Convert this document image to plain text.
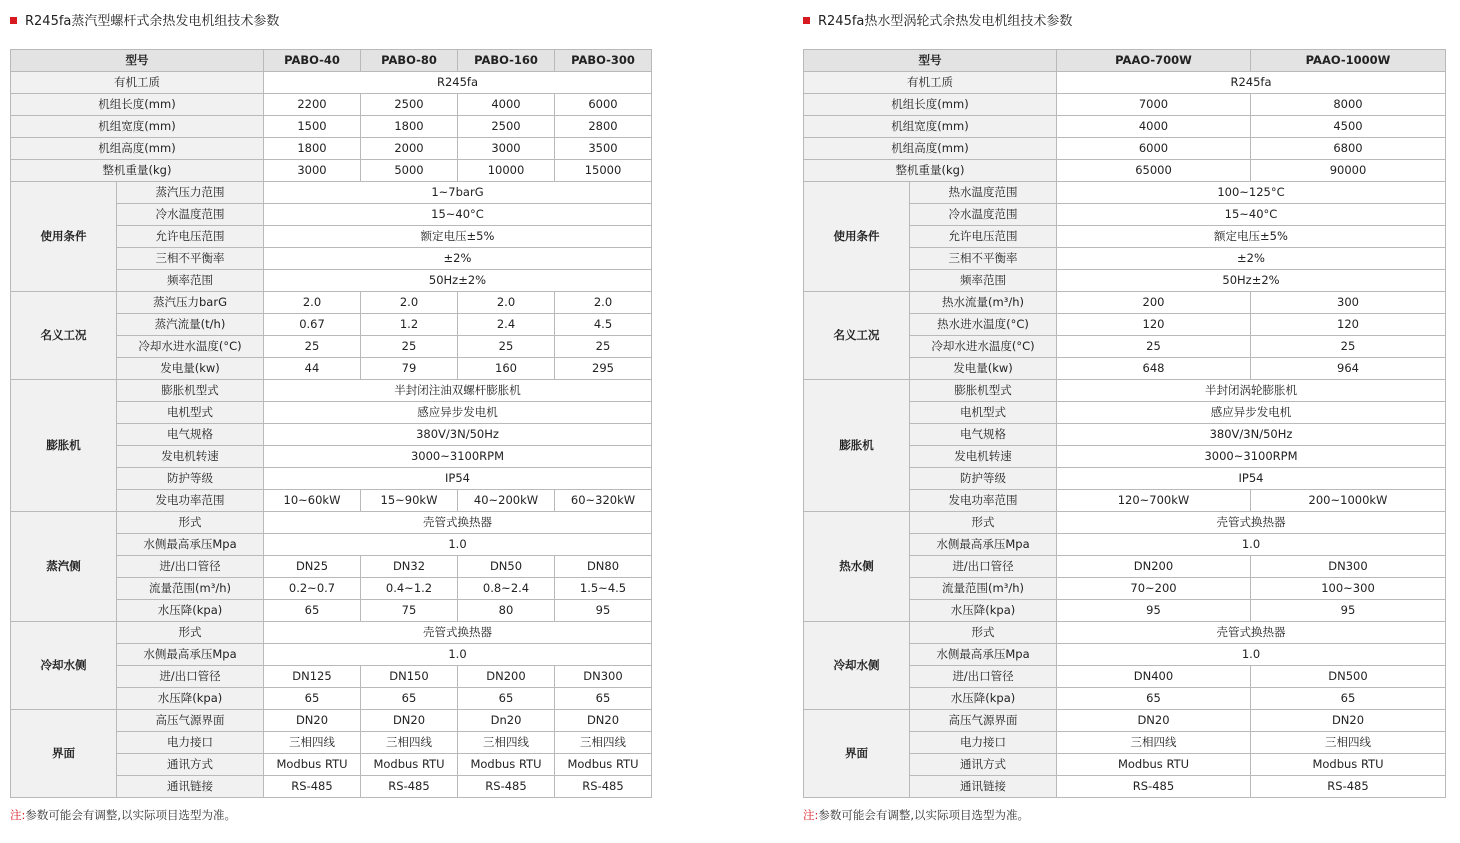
R245fa蒸汽型螺杆式余热发电机组技术参数
型号		PABO-40	PABO-80	PABO-160	PABO-300
有机工质		R245fa			
机组长度(mm)		2200	2500	4000	6000
机组宽度(mm)		1500	1800	2500	2800
机组高度(mm)		1800	2000	3000	3500
整机重量(kg)		3000	5000	10000	15000
使用条件	蒸汽压力范围	1~7barG			
	冷水温度范围	15~40°C			
	允许电压范围	额定电压±5%			
	三相不平衡率	±2%			
	频率范围	50Hz±2%			
名义工况	蒸汽压力barG	2.0	2.0	2.0	2.0
	蒸汽流量(t/h)	0.67	1.2	2.4	4.5
	冷却水进水温度(°C)	25	25	25	25
	发电量(kw)	44	79	160	295
膨胀机	膨胀机型式	半封闭注油双螺杆膨胀机			
	电机型式	感应异步发电机			
	电气规格	380V/3N/50Hz			
	发电机转速	3000~3100RPM			
	防护等级	IP54			
	发电功率范围	10~60kW	15~90kW	40~200kW	60~320kW
蒸汽侧	形式	壳管式换热器			
	水侧最高承压Mpa	1.0			
	进/出口管径	DN25	DN32	DN50	DN80
	流量范围(m³/h)	0.2~0.7	0.4~1.2	0.8~2.4	1.5~4.5
	水压降(kpa)	65	75	80	95
冷却水侧	形式	壳管式换热器			
	水侧最高承压Mpa	1.0			
	进/出口管径	DN125	DN150	DN200	DN300
	水压降(kpa)	65	65	65	65
界面	高压气源界面	DN20	DN20	Dn20	DN20
	电力接口	三相四线	三相四线	三相四线	三相四线
	通讯方式	Modbus RTU	Modbus RTU	Modbus RTU	Modbus RTU
	通讯链接	RS-485	RS-485	RS-485	RS-485
注:参数可能会有调整,以实际项目选型为准。
R245fa热水型涡轮式余热发电机组技术参数
型号		PAAO-700W	PAAO-1000W
有机工质		R245fa	
机组长度(mm)		7000	8000
机组宽度(mm)		4000	4500
机组高度(mm)		6000	6800
整机重量(kg)		65000	90000
使用条件	热水温度范围	100~125°C	
	冷水温度范围	15~40°C	
	允许电压范围	额定电压±5%	
	三相不平衡率	±2%	
	频率范围	50Hz±2%	
名义工况	热水流量(m³/h)	200	300
	热水进水温度(°C)	120	120
	冷却水进水温度(°C)	25	25
	发电量(kw)	648	964
膨胀机	膨胀机型式	半封闭涡轮膨胀机	
	电机型式	感应异步发电机	
	电气规格	380V/3N/50Hz	
	发电机转速	3000~3100RPM	
	防护等级	IP54	
	发电功率范围	120~700kW	200~1000kW
热水侧	形式	壳管式换热器	
	水侧最高承压Mpa	1.0	
	进/出口管径	DN200	DN300
	流量范围(m³/h)	70~200	100~300
	水压降(kpa)	95	95
冷却水侧	形式	壳管式换热器	
	水侧最高承压Mpa	1.0	
	进/出口管径	DN400	DN500
	水压降(kpa)	65	65
界面	高压气源界面	DN20	DN20
	电力接口	三相四线	三相四线
	通讯方式	Modbus RTU	Modbus RTU
	通讯链接	RS-485	RS-485
注:参数可能会有调整,以实际项目选型为准。
